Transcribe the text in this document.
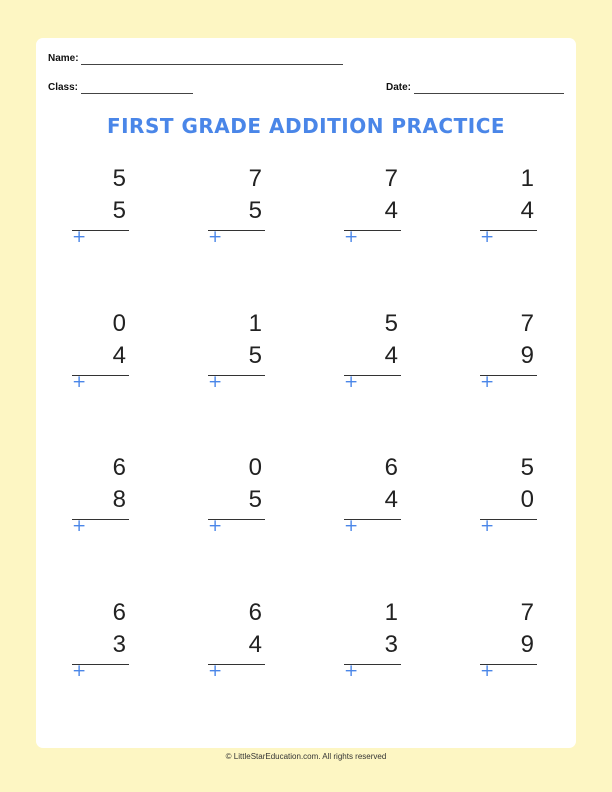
Name:
Class:	Date:
FIRST GRADE ADDITION PRACTICE
5
5
+
7
5
+
7
4
+
1
4
+
0
4
+
1
5
+
5
4
+
7
9
+
6
8
+
0
5
+
6
4
+
5
0
+
6
3
+
6
4
+
1
3
+
7
9
+
© LittleStarEducation.com. All rights reserved
